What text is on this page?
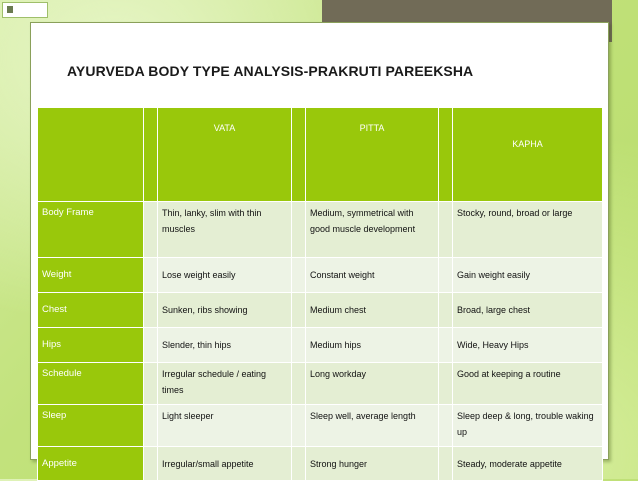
AYURVEDA BODY TYPE ANALYSIS-PRAKRUTI PAREEKSHA
		VATA		PITTA		KAPHA
Body Frame		Thin, lanky, slim with thin muscles		Medium, symmetrical with good muscle development		Stocky, round, broad or large
Weight		Lose weight easily		Constant weight		Gain weight easily
Chest		Sunken, ribs showing		Medium chest		Broad, large chest
Hips		Slender, thin hips		Medium hips		Wide, Heavy Hips
Schedule		Irregular schedule / eating times		Long workday		Good at keeping a routine
Sleep		Light sleeper		Sleep well, average length		Sleep deep & long, trouble waking up
Appetite		Irregular/small appetite		Strong hunger		Steady, moderate appetite
